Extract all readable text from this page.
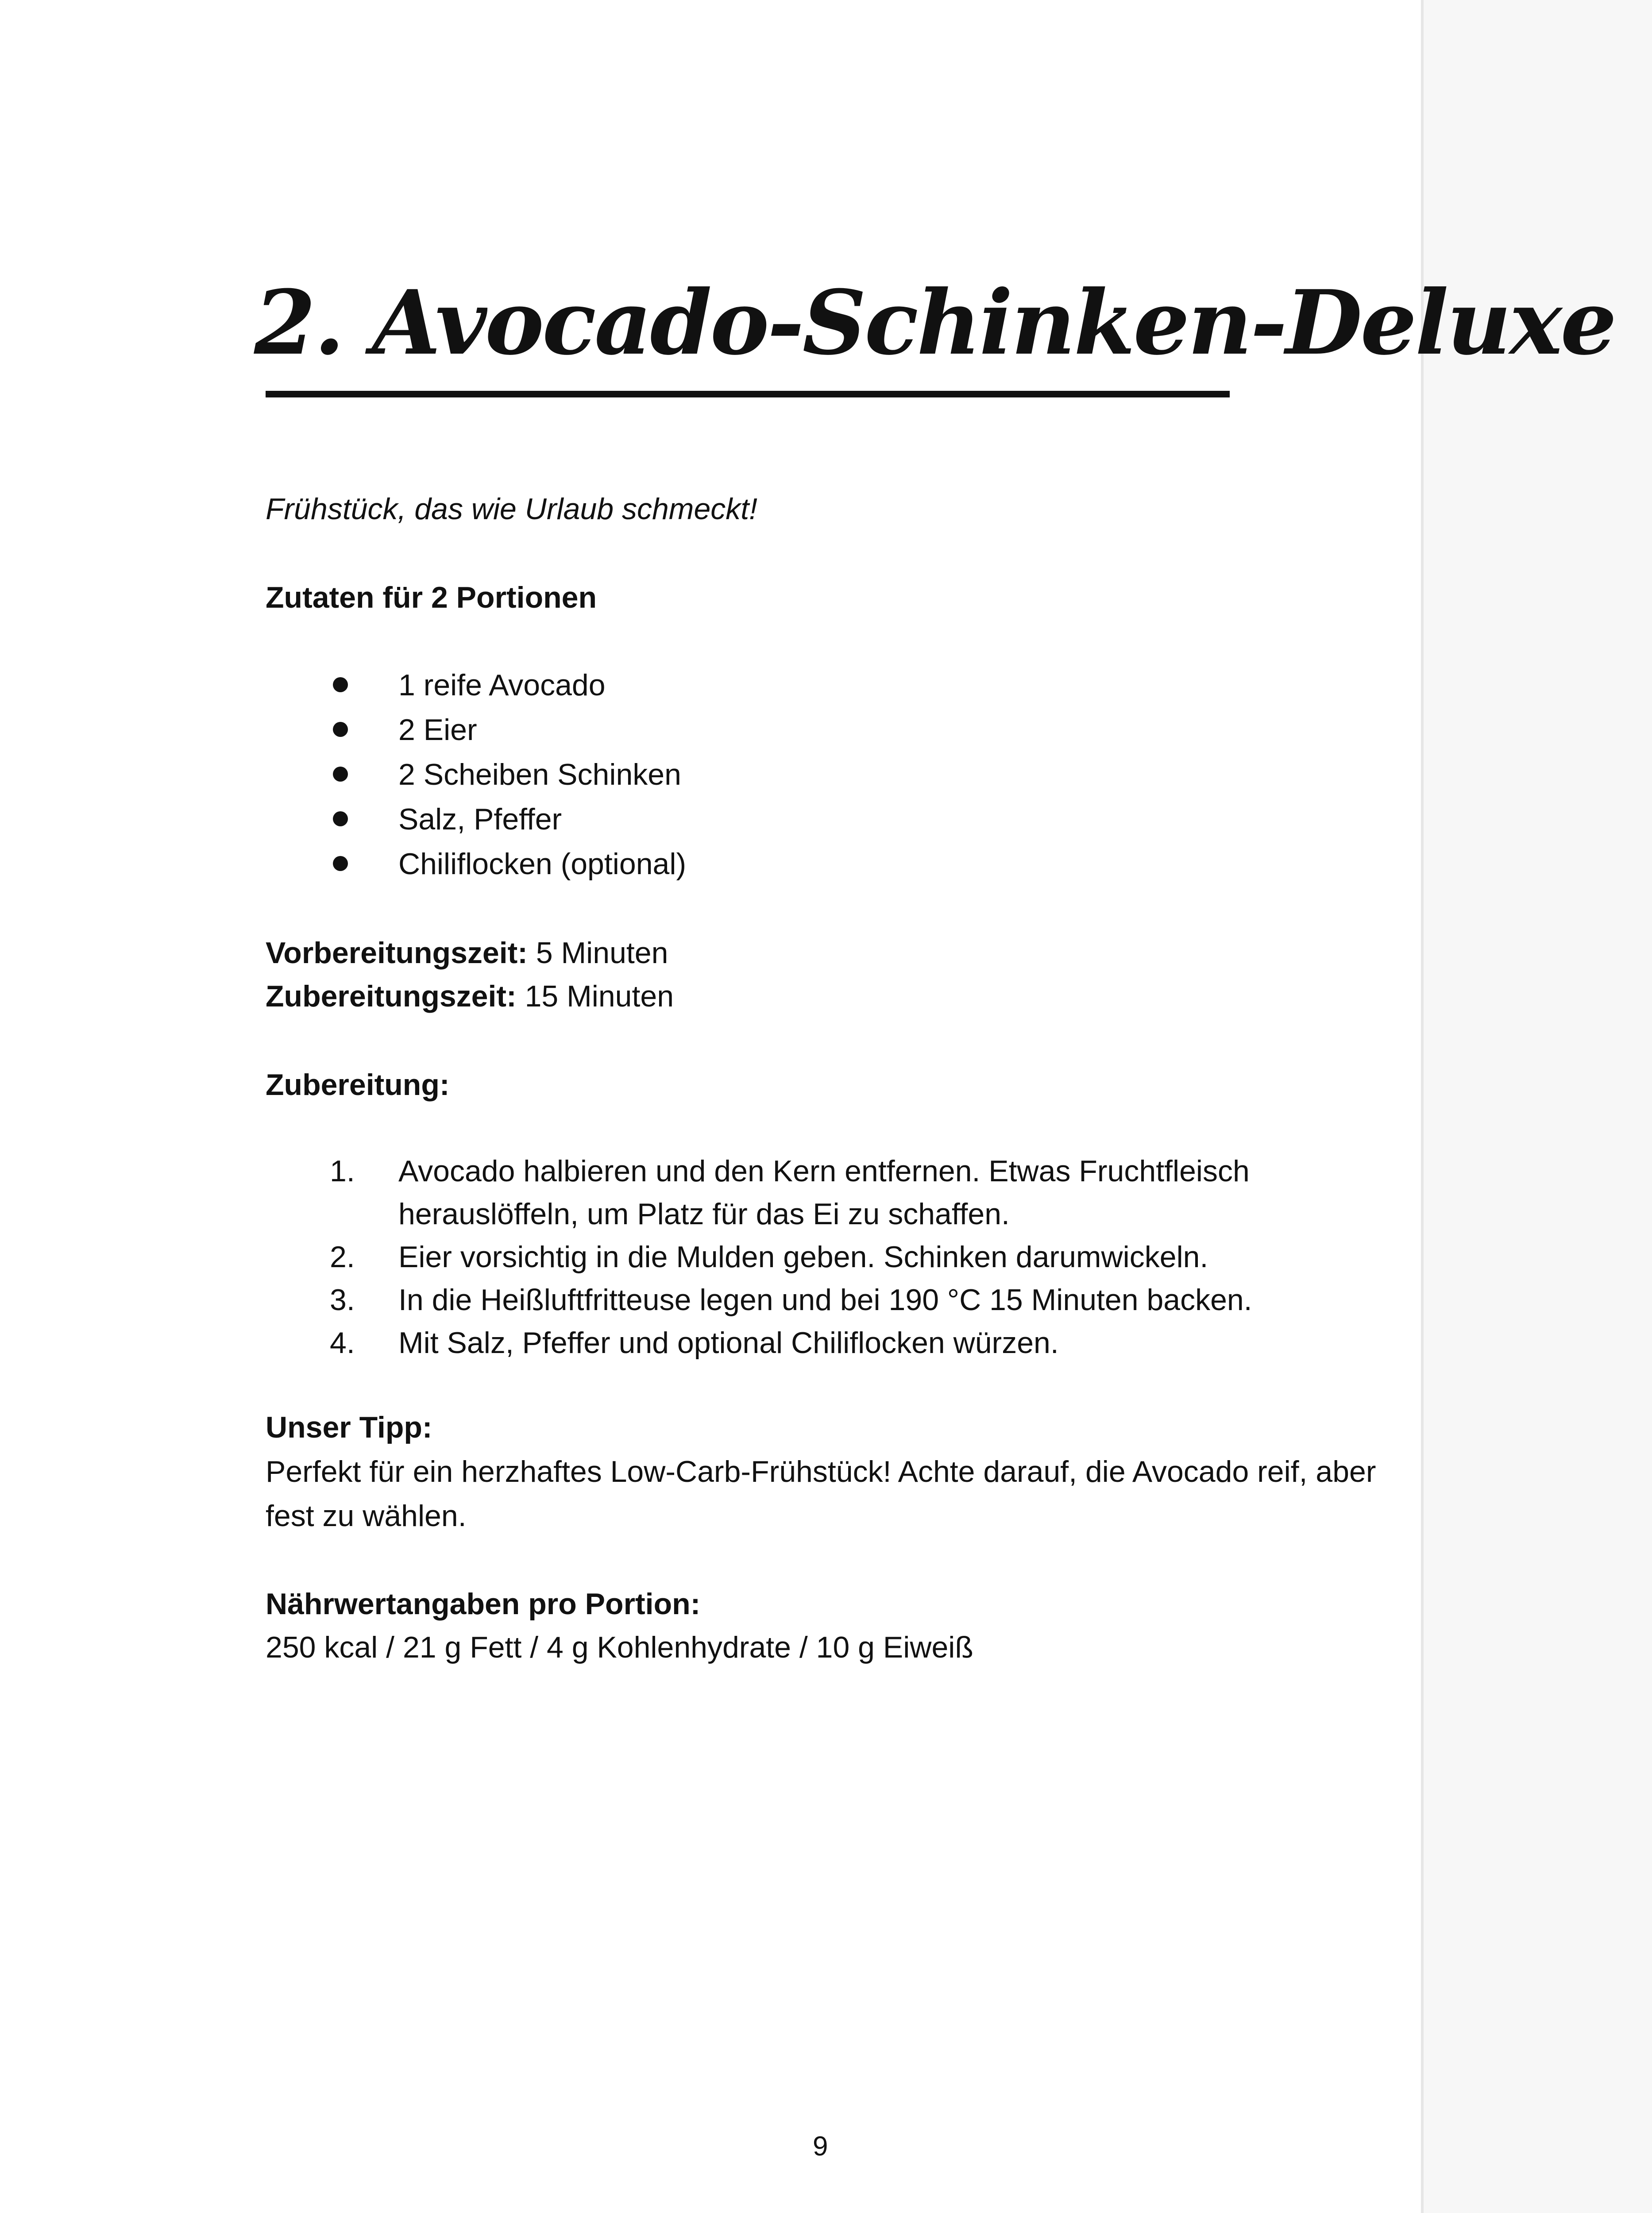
2. Avocado-Schinken-Deluxe

Frühstück, das wie Urlaub schmeckt!

Zutaten für 2 Portionen

1 reife Avocado
2 Eier
2 Scheiben Schinken
Salz, Pfeffer
Chiliflocken (optional)

Vorbereitungszeit: 5 Minuten

Zubereitungszeit: 15 Minuten

Zubereitung:

1.	Avocado halbieren und den Kern entfernen. Etwas Fruchtfleisch herauslöffeln, um Platz für das Ei zu schaffen.
2.	Eier vorsichtig in die Mulden geben. Schinken darumwickeln.
3.	In die Heißluftfritteuse legen und bei 190 °C 15 Minuten backen.
4.	Mit Salz, Pfeffer und optional Chiliflocken würzen.

Unser Tipp:

Perfekt für ein herzhaftes Low-Carb-Frühstück! Achte darauf, die Avocado reif, aber fest zu wählen.

Nährwertangaben pro Portion:

250 kcal / 21 g Fett / 4 g Kohlenhydrate / 10 g Eiweiß

9
